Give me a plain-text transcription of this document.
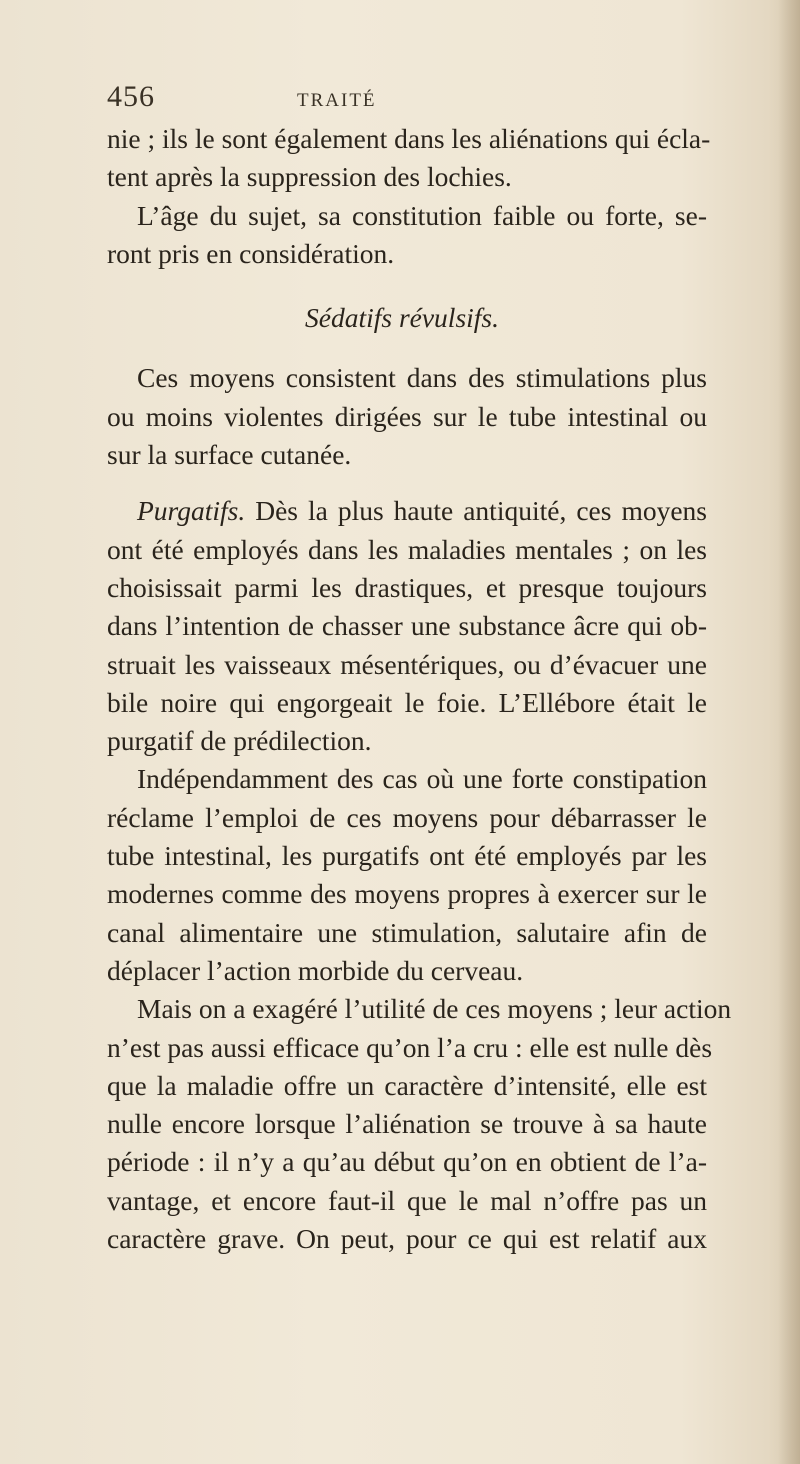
456	TRAITÉ
nie ; ils le sont également dans les aliénations qui écla-
tent après la suppression des lochies.
L’âge du sujet, sa constitution faible ou forte, se-
ront pris en considération.
Sédatifs révulsifs.
Ces moyens consistent dans des stimulations plus
ou moins violentes dirigées sur le tube intestinal ou
sur la surface cutanée.
Purgatifs. Dès la plus haute antiquité, ces moyens
ont été employés dans les maladies mentales ; on les
choisissait parmi les drastiques, et presque toujours
dans l’intention de chasser une substance âcre qui ob-
struait les vaisseaux mésentériques, ou d’évacuer une
bile noire qui engorgeait le foie. L’Ellébore était le
purgatif de prédilection.
Indépendamment des cas où une forte constipation
réclame l’emploi de ces moyens pour débarrasser le
tube intestinal, les purgatifs ont été employés par les
modernes comme des moyens propres à exercer sur le
canal alimentaire une stimulation, salutaire afin de
déplacer l’action morbide du cerveau.
Mais on a exagéré l’utilité de ces moyens ; leur action
n’est pas aussi efficace qu’on l’a cru : elle est nulle dès
que la maladie offre un caractère d’intensité, elle est
nulle encore lorsque l’aliénation se trouve à sa haute
période : il n’y a qu’au début qu’on en obtient de l’a-
vantage, et encore faut-il que le mal n’offre pas un
caractère grave. On peut, pour ce qui est relatif aux
